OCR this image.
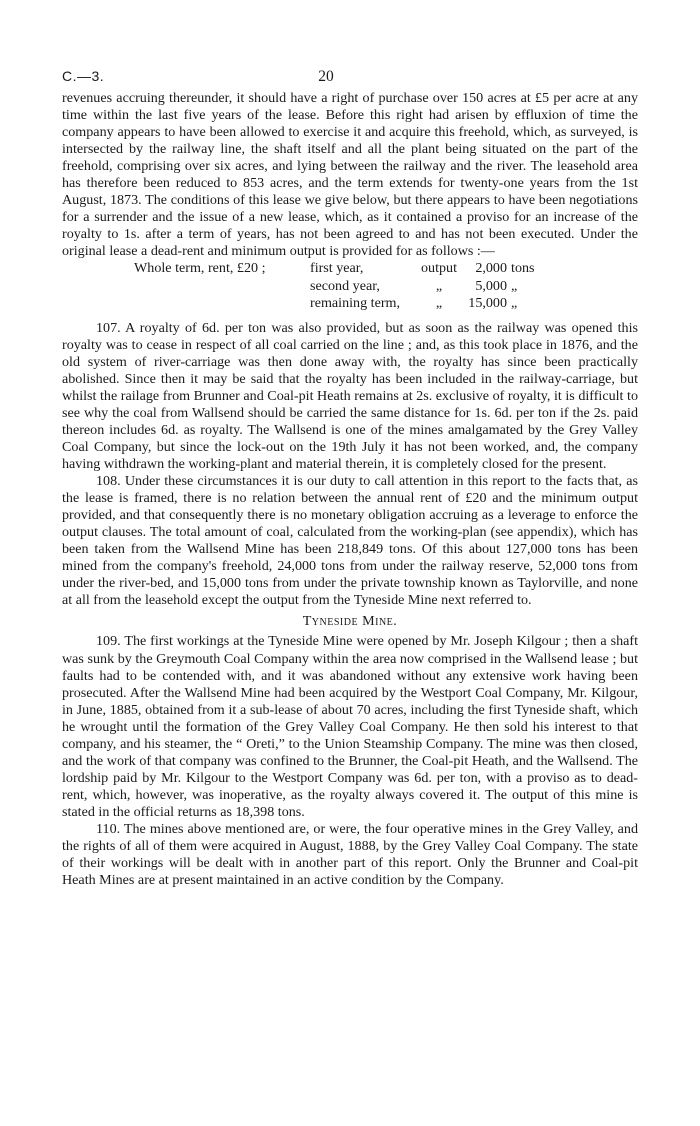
C.—3.	20

revenues accruing thereunder, it should have a right of purchase over 150 acres at £5 per acre at any time within the last five years of the lease. Before this right had arisen by effluxion of time the company appears to have been allowed to exercise it and acquire this freehold, which, as surveyed, is intersected by the railway line, the shaft itself and all the plant being situated on the part of the freehold, comprising over six acres, and lying between the railway and the river. The leasehold area has therefore been reduced to 853 acres, and the term extends for twenty-one years from the 1st August, 1873. The conditions of this lease we give below, but there appears to have been negotiations for a surrender and the issue of a new lease, which, as it contained a proviso for an increase of the royalty to 1s. after a term of years, has not been agreed to and has not been executed. Under the original lease a dead-rent and minimum output is provided for as follows :—

Whole term, rent, £20 ;	first year,	output	2,000	tons
	second year,	„	5,000	„
	remaining term,	„	15,000	„

107. A royalty of 6d. per ton was also provided, but as soon as the railway was opened this royalty was to cease in respect of all coal carried on the line ; and, as this took place in 1876, and the old system of river-carriage was then done away with, the royalty has since been practically abolished. Since then it may be said that the royalty has been included in the railway-carriage, but whilst the railage from Brunner and Coal-pit Heath remains at 2s. exclusive of royalty, it is difficult to see why the coal from Wallsend should be carried the same distance for 1s. 6d. per ton if the 2s. paid thereon includes 6d. as royalty. The Wallsend is one of the mines amalgamated by the Grey Valley Coal Company, but since the lock-out on the 19th July it has not been worked, and, the company having withdrawn the working-plant and material therein, it is completely closed for the present.

108. Under these circumstances it is our duty to call attention in this report to the facts that, as the lease is framed, there is no relation between the annual rent of £20 and the minimum output provided, and that consequently there is no monetary obligation accruing as a leverage to enforce the output clauses. The total amount of coal, calculated from the working-plan (see appendix), which has been taken from the Wallsend Mine has been 218,849 tons. Of this about 127,000 tons has been mined from the company's freehold, 24,000 tons from under the railway reserve, 52,000 tons from under the river-bed, and 15,000 tons from under the private township known as Taylorville, and none at all from the leasehold except the output from the Tyneside Mine next referred to.

Tyneside Mine.

109. The first workings at the Tyneside Mine were opened by Mr. Joseph Kilgour ; then a shaft was sunk by the Greymouth Coal Company within the area now comprised in the Wallsend lease ; but faults had to be contended with, and it was abandoned without any extensive work having been prosecuted. After the Wallsend Mine had been acquired by the Westport Coal Company, Mr. Kilgour, in June, 1885, obtained from it a sub-lease of about 70 acres, including the first Tyneside shaft, which he wrought until the formation of the Grey Valley Coal Company. He then sold his interest to that company, and his steamer, the “ Oreti,” to the Union Steamship Company. The mine was then closed, and the work of that company was confined to the Brunner, the Coal-pit Heath, and the Wallsend. The lordship paid by Mr. Kilgour to the Westport Company was 6d. per ton, with a proviso as to dead-rent, which, however, was inoperative, as the royalty always covered it. The output of this mine is stated in the official returns as 18,398 tons.

110. The mines above mentioned are, or were, the four operative mines in the Grey Valley, and the rights of all of them were acquired in August, 1888, by the Grey Valley Coal Company. The state of their workings will be dealt with in another part of this report. Only the Brunner and Coal-pit Heath Mines are at present maintained in an active condition by the Company.
